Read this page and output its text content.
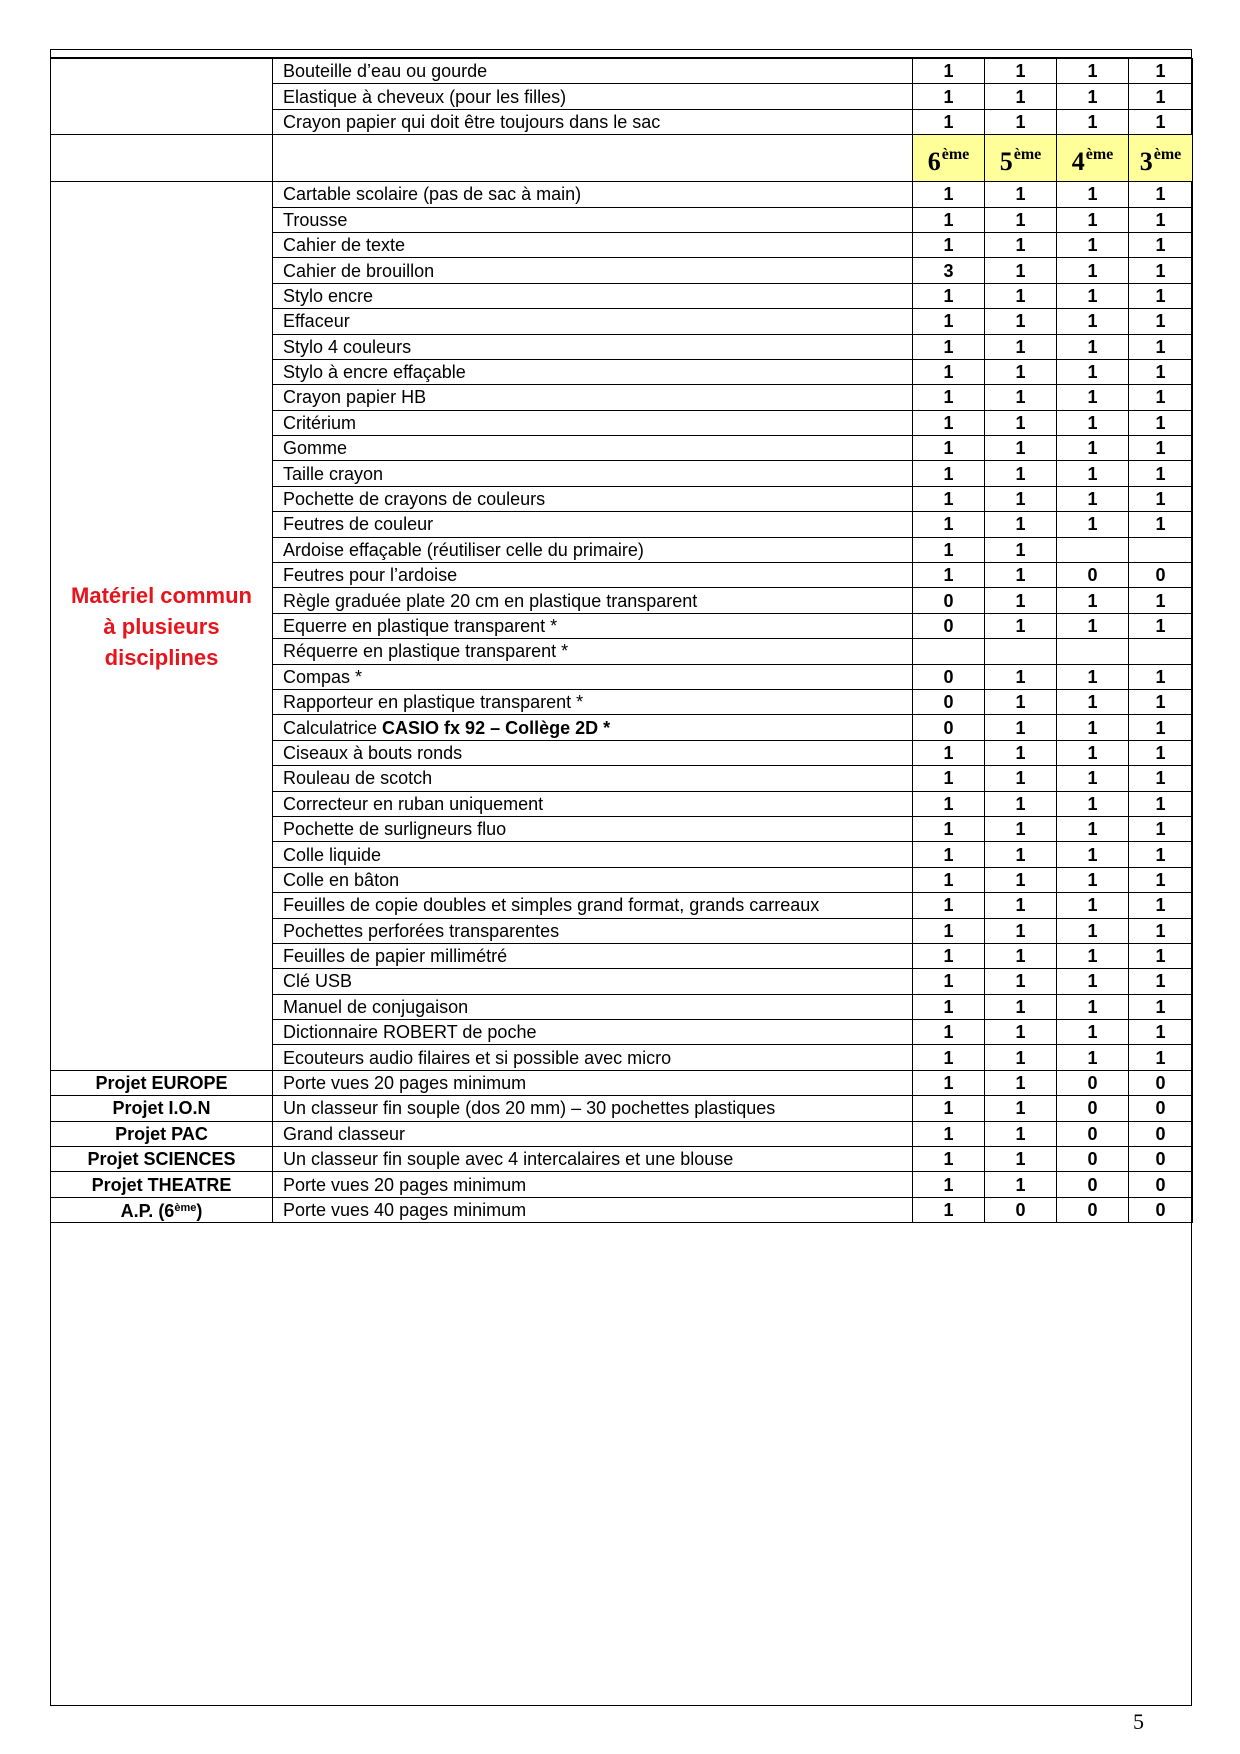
	Bouteille d’eau ou gourde	1	1	1	1
	Elastique à cheveux (pour les filles)	1	1	1	1
	Crayon papier qui doit être toujours dans le sac	1	1	1	1
		6ème	5ème	4ème	3ème

Matériel commun
à plusieurs
disciplines	Cartable scolaire (pas de sac à main)	1	1	1	1
	Trousse	1	1	1	1
	Cahier de texte	1	1	1	1
	Cahier de brouillon	3	1	1	1
	Stylo encre	1	1	1	1
	Effaceur	1	1	1	1
	Stylo 4 couleurs	1	1	1	1
	Stylo à encre effaçable	1	1	1	1
	Crayon papier HB	1	1	1	1
	Critérium	1	1	1	1
	Gomme	1	1	1	1
	Taille crayon	1	1	1	1
	Pochette de crayons de couleurs	1	1	1	1
	Feutres de couleur	1	1	1	1
	Ardoise effaçable (réutiliser celle du primaire)	1	1		
	Feutres pour l’ardoise	1	1	0	0
	Règle graduée plate 20 cm en plastique transparent	0	1	1	1
	Equerre en plastique transparent *	0	1	1	1
	Réquerre en plastique transparent *				
	Compas *	0	1	1	1
	Rapporteur en plastique transparent *	0	1	1	1
	Calculatrice CASIO fx 92 – Collège 2D *	0	1	1	1
	Ciseaux à bouts ronds	1	1	1	1
	Rouleau de scotch	1	1	1	1
	Correcteur en ruban uniquement	1	1	1	1
	Pochette de surligneurs fluo	1	1	1	1
	Colle liquide	1	1	1	1
	Colle en bâton	1	1	1	1
	Feuilles de copie doubles et simples grand format, grands carreaux	1	1	1	1
	Pochettes perforées transparentes	1	1	1	1
	Feuilles de papier millimétré	1	1	1	1
	Clé USB	1	1	1	1
	Manuel de conjugaison	1	1	1	1
	Dictionnaire ROBERT de poche	1	1	1	1
	Ecouteurs audio filaires et si possible avec micro	1	1	1	1
Projet EUROPE	Porte vues 20 pages minimum	1	1	0	0
Projet I.O.N	Un classeur fin souple (dos 20 mm) – 30 pochettes plastiques	1	1	0	0
Projet PAC	Grand classeur	1	1	0	0
Projet SCIENCES	Un classeur fin souple avec 4 intercalaires et une blouse	1	1	0	0
Projet THEATRE	Porte vues 20 pages minimum	1	1	0	0
A.P. (6ème)	Porte vues 40 pages minimum	1	0	0	0
5
